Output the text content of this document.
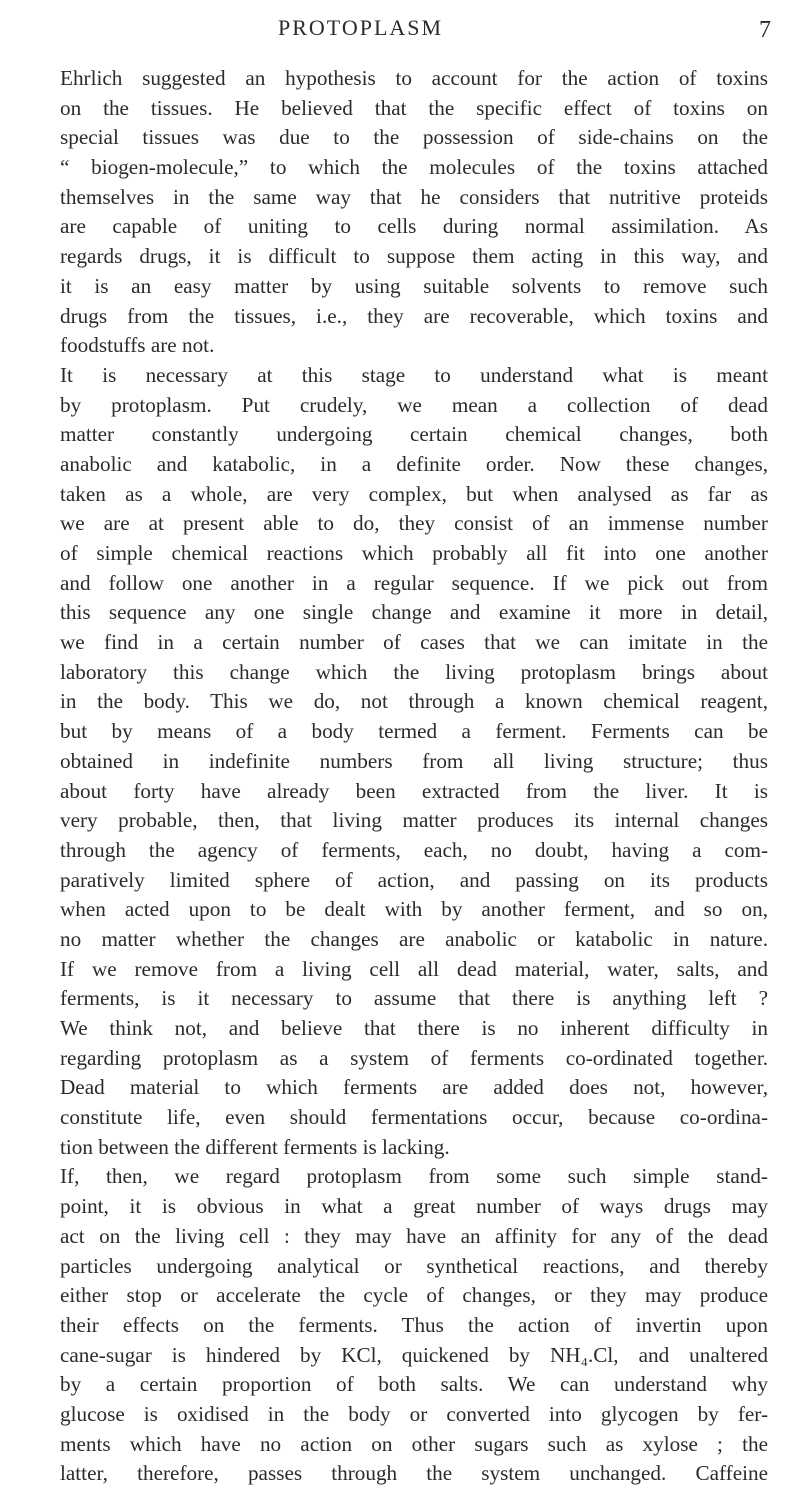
PROTOPLASM	7
Ehrlich suggested an hypothesis to account for the action of toxins
on the tissues. He believed that the specific effect of toxins on
special tissues was due to the possession of side-chains on the
“ biogen-molecule,” to which the molecules of the toxins attached
themselves in the same way that he considers that nutritive proteids
are capable of uniting to cells during normal assimilation. As
regards drugs, it is difficult to suppose them acting in this way, and
it is an easy matter by using suitable solvents to remove such
drugs from the tissues, i.e., they are recoverable, which toxins and
foodstuffs are not.
It is necessary at this stage to understand what is meant
by protoplasm. Put crudely, we mean a collection of dead
matter constantly undergoing certain chemical changes, both
anabolic and katabolic, in a definite order. Now these changes,
taken as a whole, are very complex, but when analysed as far as
we are at present able to do, they consist of an immense number
of simple chemical reactions which probably all fit into one another
and follow one another in a regular sequence. If we pick out from
this sequence any one single change and examine it more in detail,
we find in a certain number of cases that we can imitate in the
laboratory this change which the living protoplasm brings about
in the body. This we do, not through a known chemical reagent,
but by means of a body termed a ferment. Ferments can be
obtained in indefinite numbers from all living structure; thus
about forty have already been extracted from the liver. It is
very probable, then, that living matter produces its internal changes
through the agency of ferments, each, no doubt, having a com-
paratively limited sphere of action, and passing on its products
when acted upon to be dealt with by another ferment, and so on,
no matter whether the changes are anabolic or katabolic in nature.
If we remove from a living cell all dead material, water, salts, and
ferments, is it necessary to assume that there is anything left ?
We think not, and believe that there is no inherent difficulty in
regarding protoplasm as a system of ferments co-ordinated together.
Dead material to which ferments are added does not, however,
constitute life, even should fermentations occur, because co-ordina-
tion between the different ferments is lacking.
If, then, we regard protoplasm from some such simple stand-
point, it is obvious in what a great number of ways drugs may
act on the living cell : they may have an affinity for any of the dead
particles undergoing analytical or synthetical reactions, and thereby
either stop or accelerate the cycle of changes, or they may produce
their effects on the ferments. Thus the action of invertin upon
cane-sugar is hindered by KCl, quickened by NH₄.Cl, and unaltered
by a certain proportion of both salts. We can understand why
glucose is oxidised in the body or converted into glycogen by fer-
ments which have no action on other sugars such as xylose ; the
latter, therefore, passes through the system unchanged. Caffeine
